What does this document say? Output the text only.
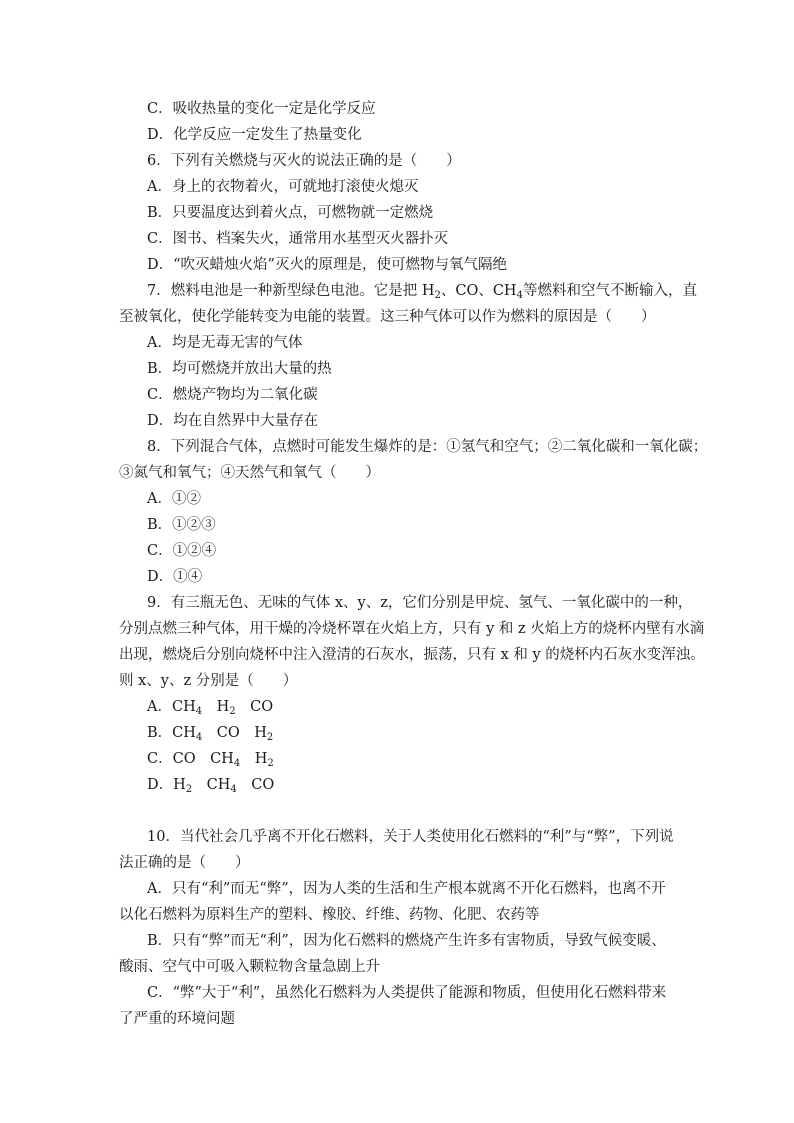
C．吸收热量的变化一定是化学反应
D．化学反应一定发生了热量变化
6．下列有关燃烧与灭火的说法正确的是（　　）
A．身上的衣物着火，可就地打滚使火熄灭
B．只要温度达到着火点，可燃物就一定燃烧
C．图书、档案失火，通常用水基型灭火器扑灭
D．“吹灭蜡烛火焰”灭火的原理是，使可燃物与氧气隔绝
7．燃料电池是一种新型绿色电池。它是把 $H_2$、CO、$CH_4$等燃料和空气不断输入，直
至被氧化，使化学能转变为电能的装置。这三种气体可以作为燃料的原因是（　　）
A．均是无毒无害的气体
B．均可燃烧并放出大量的热
C．燃烧产物均为二氧化碳
D．均在自然界中大量存在
8．下列混合气体，点燃时可能发生爆炸的是：①氢气和空气；②二氧化碳和一氧化碳；
③氮气和氧气；④天然气和氧气（　　）
A．①②
B．①②③
C．①②④
D．①④
9．有三瓶无色、无味的气体 x、y、z，它们分别是甲烷、氢气、一氧化碳中的一种，
分别点燃三种气体，用干燥的冷烧杯罩在火焰上方，只有 y 和 z 火焰上方的烧杯内壁有水滴
出现，燃烧后分别向烧杯中注入澄清的石灰水，振荡，只有 x 和 y 的烧杯内石灰水变浑浊。
则 x、y、z 分别是（　　）
A．$CH_4$　$H_2$　CO
B．$CH_4$　CO　$H_2$
C．CO　$CH_4$　$H_2$
D．$H_2$　$CH_4$　CO
10．当代社会几乎离不开化石燃料，关于人类使用化石燃料的“利”与“弊”，下列说
法正确的是（　　）
A．只有“利”而无“弊”，因为人类的生活和生产根本就离不开化石燃料，也离不开
以化石燃料为原料生产的塑料、橡胶、纤维、药物、化肥、农药等
B．只有“弊”而无“利”，因为化石燃料的燃烧产生许多有害物质，导致气候变暖、
酸雨、空气中可吸入颗粒物含量急剧上升
C．“弊”大于“利”，虽然化石燃料为人类提供了能源和物质，但使用化石燃料带来
了严重的环境问题
